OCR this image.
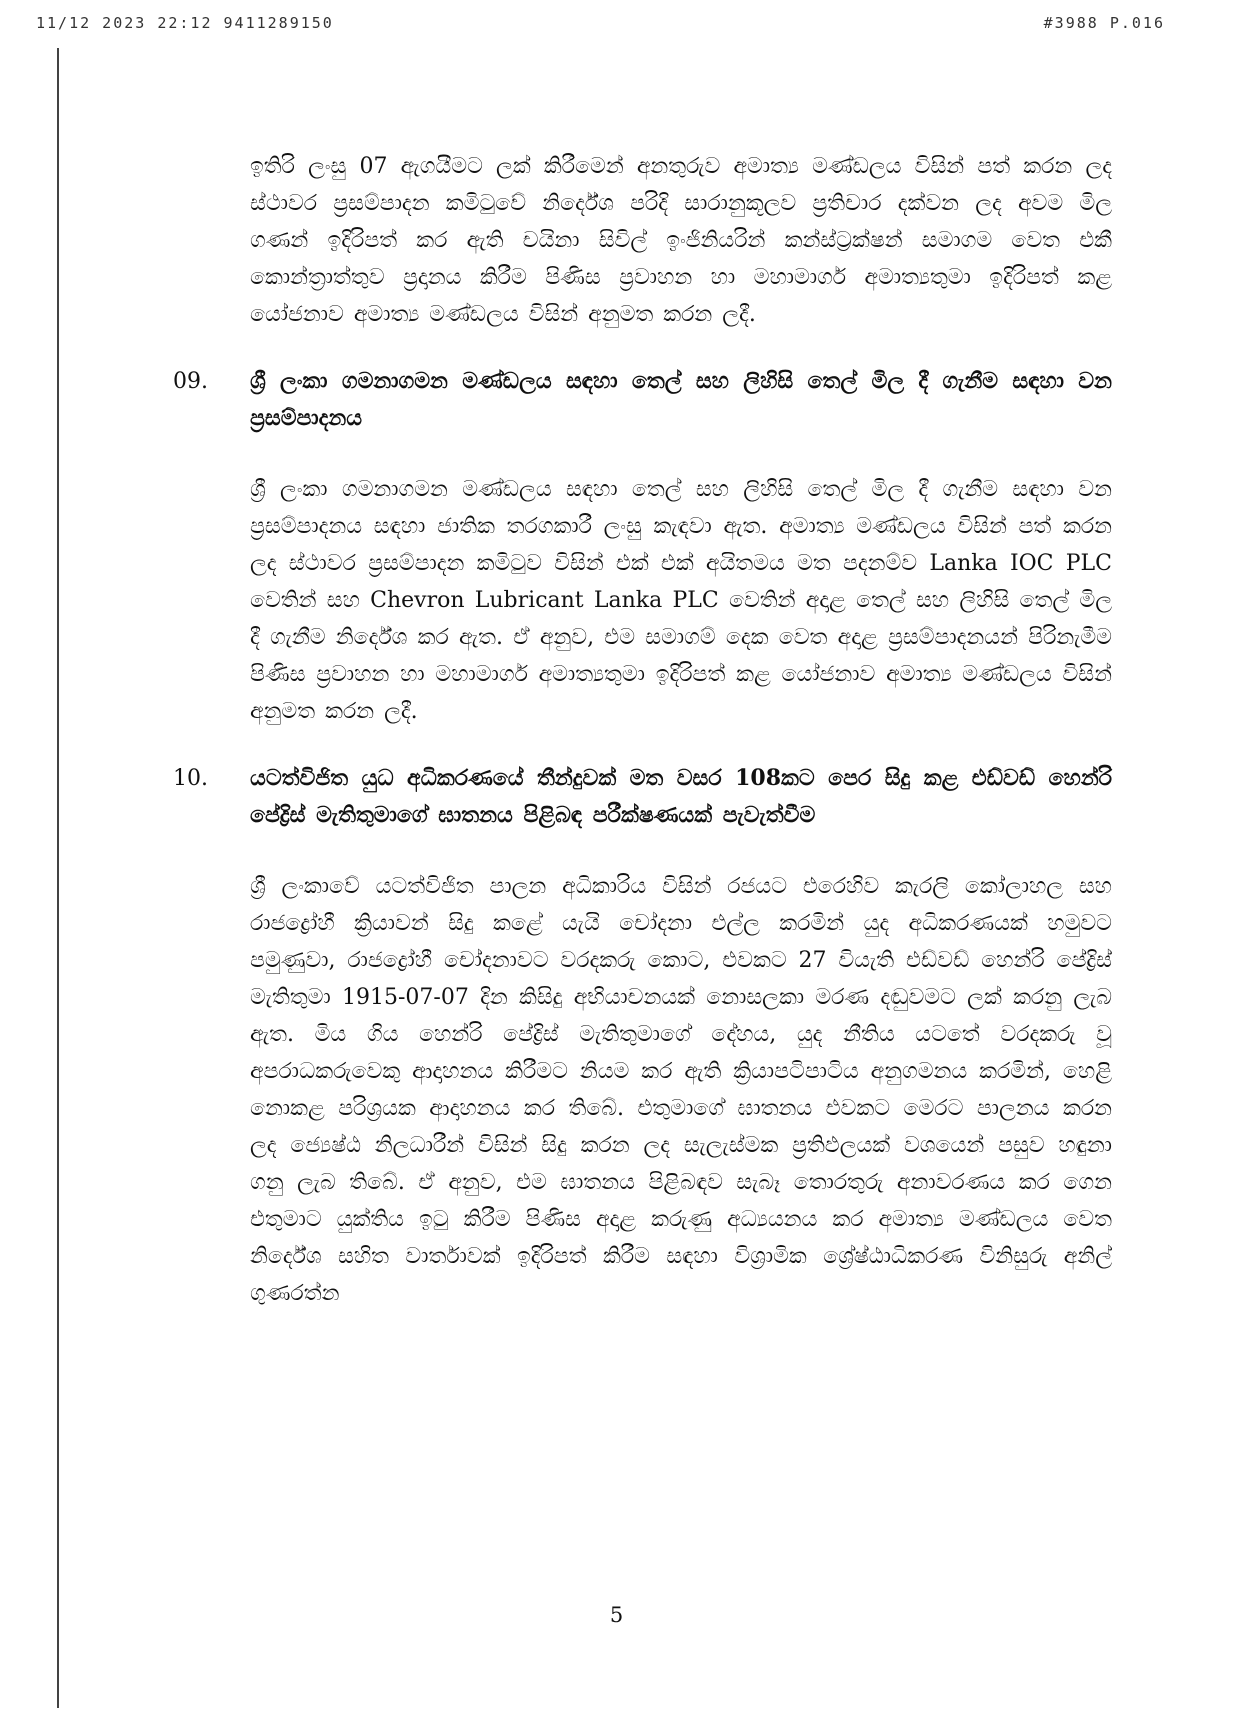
11/12 2023 22:12 9411289150	#3988 P.016

ඉතිරි ලංසු 07 ඇගයීමට ලක් කිරීමෙන් අනතුරුව අමාත්‍ය මණ්ඩලය විසින් පත් කරන ලද ස්ථාවර ප්‍රසම්පාදන කමිටුවේ නිර්දේශ පරිදි සාරානුකූලව ප්‍රතිචාර දක්වන ලද අවම මිල ගණන් ඉදිරිපත් කර ඇති චයිනා සිවිල් ඉංජිනියරින් කන්ස්ට්‍රක්ෂන් සමාගම වෙත එකී කොන්ත්‍රාත්තුව ප්‍රදානය කිරීම පිණිස ප්‍රවාහන හා මහාමාර්ග අමාත්‍යතුමා ඉදිරිපත් කළ යෝජනාව අමාත්‍ය මණ්ඩලය විසින් අනුමත කරන ලදී.

09. ශ්‍රී ලංකා ගමනාගමන මණ්ඩලය සඳහා තෙල් සහ ලිහිසි තෙල් මිල දී ගැනීම සඳහා වන ප්‍රසම්පාදනය

ශ්‍රී ලංකා ගමනාගමන මණ්ඩලය සඳහා තෙල් සහ ලිහිසි තෙල් මිල දී ගැනීම සඳහා වන ප්‍රසම්පාදනය සඳහා ජාතික තරගකාරී ලංසු කැඳවා ඇත. අමාත්‍ය මණ්ඩලය විසින් පත් කරන ලද ස්ථාවර ප්‍රසම්පාදන කමිටුව විසින් එක් එක් අයිතමය මත පදනම්ව Lanka IOC PLC වෙතින් සහ Chevron Lubricant Lanka PLC වෙතින් අදාළ තෙල් සහ ලිහිසි තෙල් මිල දී ගැනීම නිර්දේශ කර ඇත. ඒ අනුව, එම සමාගම් දෙක වෙත අදාළ ප්‍රසම්පාදනයන් පිරිනැමීම පිණිස ප්‍රවාහන හා මහාමාර්ග අමාත්‍යතුමා ඉදිරිපත් කළ යෝජනාව අමාත්‍ය මණ්ඩලය විසින් අනුමත කරන ලදී.

10. යටත්විජිත යුධ අධිකරණයේ තීන්දුවක් මත වසර 108කට පෙර සිදු කළ එඩ්වඩ් හෙන්රි පේද්‍රිස් මැතිතුමාගේ ඝාතනය පිළිබඳ පරීක්ෂණයක් පැවැත්වීම

ශ්‍රී ලංකාවේ යටත්විජිත පාලන අධිකාරිය විසින් රජයට එරෙහිව කැරලි කෝලාහල සහ රාජද්‍රෝහී ක්‍රියාවන් සිදු කළේ යැයි චෝදනා එල්ල කරමින් යුද අධිකරණයක් හමුවට පමුණුවා, රාජද්‍රෝහී චෝදනාවට වරදකරු කොට, එවකට 27 වියැති එඩ්වඩ් හෙන්රි පේද්‍රිස් මැතිතුමා 1915-07-07 දින කිසිදු අභියාචනයක් නොසලකා මරණ දඬුවමට ලක් කරනු ලැබ ඇත. මිය ගිය හෙන්රි පේද්‍රිස් මැතිතුමාගේ දේහය, යුද නීතිය යටතේ වරදකරු වූ අපරාධකරුවෙකු ආදාහනය කිරීමට නියම කර ඇති ක්‍රියාපටිපාටිය අනුගමනය කරමින්, හෙළි නොකළ පරිශ්‍රයක ආදාහනය කර තිබේ. එතුමාගේ ඝාතනය එවකට මෙරට පාලනය කරන ලද ජ්‍යෙෂ්ඨ නිලධාරීන් විසින් සිදු කරන ලද සැලැස්මක ප්‍රතිඵලයක් වශයෙන් පසුව හඳුනා ගනු ලැබ තිබේ. ඒ අනුව, එම ඝාතනය පිළිබඳව සැබෑ තොරතුරු අනාවරණය කර ගෙන එතුමාට යුක්තිය ඉටු කිරීම පිණිස අදාළ කරුණු අධ්‍යයනය කර අමාත්‍ය මණ්ඩලය වෙත නිර්දේශ සහිත වාර්තාවක් ඉදිරිපත් කිරීම සඳහා විශ්‍රාමික ශ්‍රේෂ්ඨාධිකරණ විනිසුරු අනිල් ගුණරත්න

5
